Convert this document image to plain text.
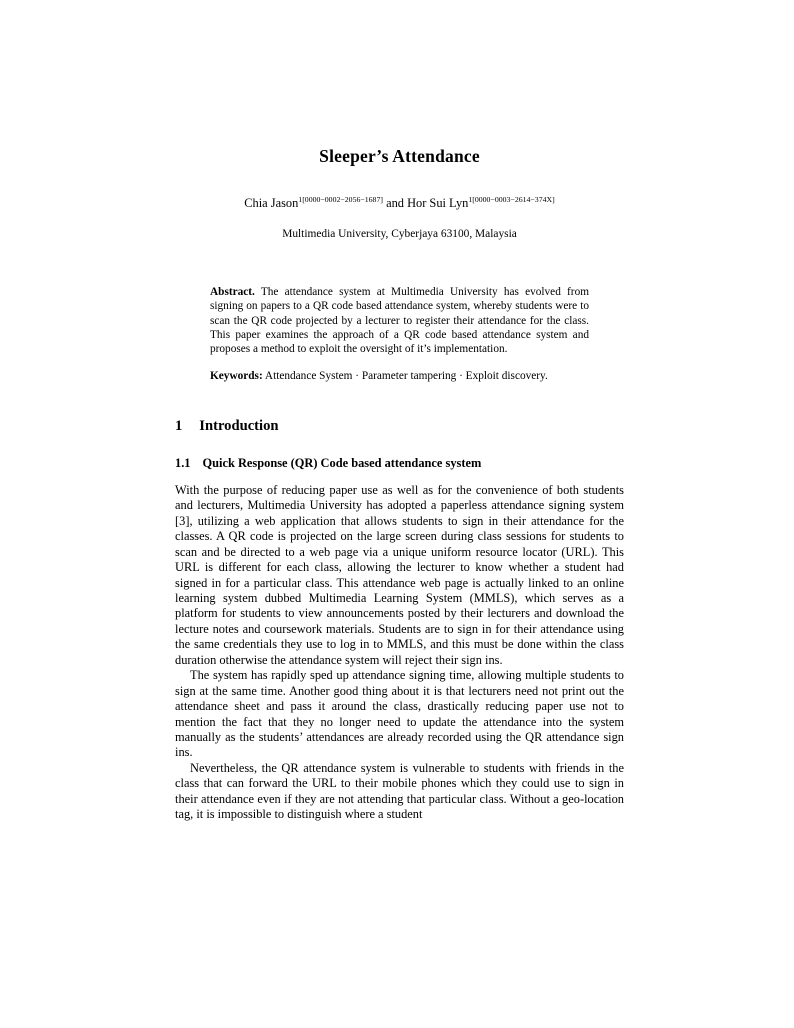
Sleeper’s Attendance
Chia Jason$^{1[0000-0002-2056-1687]}$ and Hor Sui Lyn$^{1[0000-0003-2614-374X]}$
Multimedia University, Cyberjaya 63100, Malaysia
Abstract. The attendance system at Multimedia University has evolved from signing on papers to a QR code based attendance system, whereby students were to scan the QR code projected by a lecturer to register their attendance for the class. This paper examines the approach of a QR code based attendance system and proposes a method to exploit the oversight of it’s implementation.
Keywords: Attendance System · Parameter tampering · Exploit discovery.
1 Introduction
1.1 Quick Response (QR) Code based attendance system

With the purpose of reducing paper use as well as for the convenience of both students and lecturers, Multimedia University has adopted a paperless attendance signing system [3], utilizing a web application that allows students to sign in their attendance for the classes. A QR code is projected on the large screen during class sessions for students to scan and be directed to a web page via a unique uniform resource locator (URL). This URL is different for each class, allowing the lecturer to know whether a student had signed in for a particular class. This attendance web page is actually linked to an online learning system dubbed Multimedia Learning System (MMLS), which serves as a platform for students to view announcements posted by their lecturers and download the lecture notes and coursework materials. Students are to sign in for their attendance using the same credentials they use to log in to MMLS, and this must be done within the class duration otherwise the attendance system will reject their sign ins.

The system has rapidly sped up attendance signing time, allowing multiple students to sign at the same time. Another good thing about it is that lecturers need not print out the attendance sheet and pass it around the class, drastically reducing paper use not to mention the fact that they no longer need to update the attendance into the system manually as the students’ attendances are already recorded using the QR attendance sign ins.

Nevertheless, the QR attendance system is vulnerable to students with friends in the class that can forward the URL to their mobile phones which they could use to sign in their attendance even if they are not attending that particular class. Without a geo-location tag, it is impossible to distinguish where a student
